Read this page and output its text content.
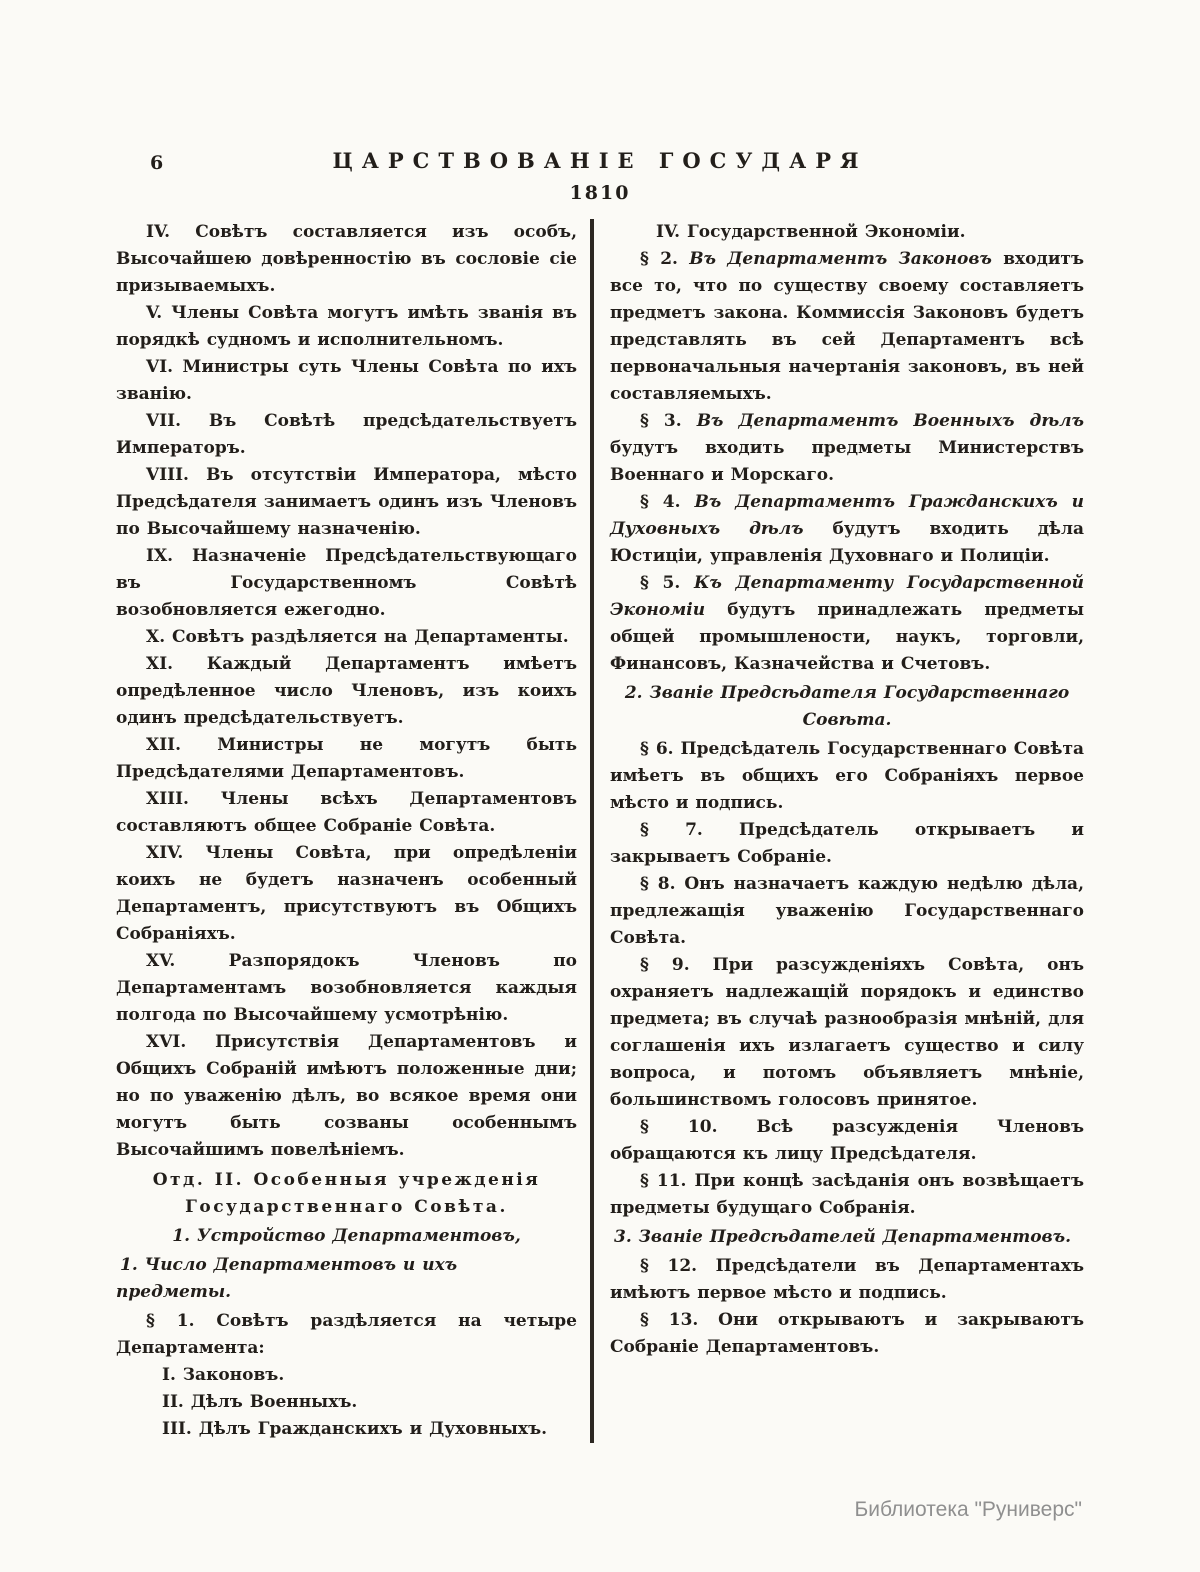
6	ЦАРСТВОВАНІЕ ГОСУДАРЯ
1810

IV. Совѣтъ составляется изъ особъ, Высочайшею довѣренностію въ сословіе сіе призываемыхъ.

V. Члены Совѣта могутъ имѣть званія въ порядкѣ судномъ и исполнительномъ.

VI. Министры суть Члены Совѣта по ихъ званію.

VII. Въ Совѣтѣ предсѣдательствуетъ Императоръ.

VIII. Въ отсутствіи Императора, мѣсто Предсѣдателя занимаетъ одинъ изъ Членовъ по Высочайшему назначенію.

IX. Назначеніе Предсѣдательствующаго въ Государственномъ Совѣтѣ возобновляется ежегодно.

X. Совѣтъ раздѣляется на Департаменты.

XI. Каждый Департаментъ имѣетъ опредѣленное число Членовъ, изъ коихъ одинъ предсѣдательствуетъ.

XII. Министры не могутъ быть Предсѣдателями Департаментовъ.

XIII. Члены всѣхъ Департаментовъ составляютъ общее Собраніе Совѣта.

XIV. Члены Совѣта, при опредѣленіи коихъ не будетъ назначенъ особенный Департаментъ, присутствуютъ въ Общихъ Собраніяхъ.

XV. Разпорядокъ Членовъ по Департаментамъ возобновляется каждыя полгода по Высочайшему усмотрѣнію.

XVI. Присутствія Департаментовъ и Общихъ Собраній имѣютъ положенные дни; но по уваженію дѣлъ, во всякое время они могутъ быть созваны особеннымъ Высочайшимъ повелѣніемъ.

Отд. II. Особенныя учрежденія Государственнаго Совѣта.

1. Устройство Департаментовъ,

1. Число Департаментовъ и ихъ предметы.

§ 1. Совѣтъ раздѣляется на четыре Департамента:

I. Законовъ.

II. Дѣлъ Военныхъ.

III. Дѣлъ Гражданскихъ и Духовныхъ.

IV. Государственной Экономіи.

§ 2. Въ Департаментъ Законовъ входитъ все то, что по существу своему составляетъ предметъ закона. Коммиссія Законовъ будетъ представлять въ сей Департаментъ всѣ первоначальныя начертанія законовъ, въ ней составляемыхъ.

§ 3. Въ Департаментъ Военныхъ дѣлъ будутъ входить предметы Министерствъ Военнаго и Морскаго.

§ 4. Въ Департаментъ Гражданскихъ и Духовныхъ дѣлъ будутъ входить дѣла Юстиціи, управленія Духовнаго и Полиціи.

§ 5. Къ Департаменту Государственной Экономіи будутъ принадлежать предметы общей промышлености, наукъ, торговли, Финансовъ, Казначейства и Счетовъ.

2. Званіе Предсѣдателя Государственнаго Совѣта.

§ 6. Предсѣдатель Государственнаго Совѣта имѣетъ въ общихъ его Собраніяхъ первое мѣсто и подпись.

§ 7. Предсѣдатель открываетъ и закрываетъ Собраніе.

§ 8. Онъ назначаетъ каждую недѣлю дѣла, предлежащія уваженію Государственнаго Совѣта.

§ 9. При разсужденіяхъ Совѣта, онъ охраняетъ надлежащій порядокъ и единство предмета; въ случаѣ разнообразія мнѣній, для соглашенія ихъ излагаетъ существо и силу вопроса, и потомъ объявляетъ мнѣніе, большинствомъ голосовъ принятое.

§ 10. Всѣ разсужденія Членовъ обращаются къ лицу Предсѣдателя.

§ 11. При концѣ засѣданія онъ возвѣщаетъ предметы будущаго Собранія.

3. Званіе Предсѣдателей Департаментовъ.

§ 12. Предсѣдатели въ Департаментахъ имѣютъ первое мѣсто и подпись.

§ 13. Они открываютъ и закрываютъ Собраніе Департаментовъ.

Библиотека "Руниверс"
